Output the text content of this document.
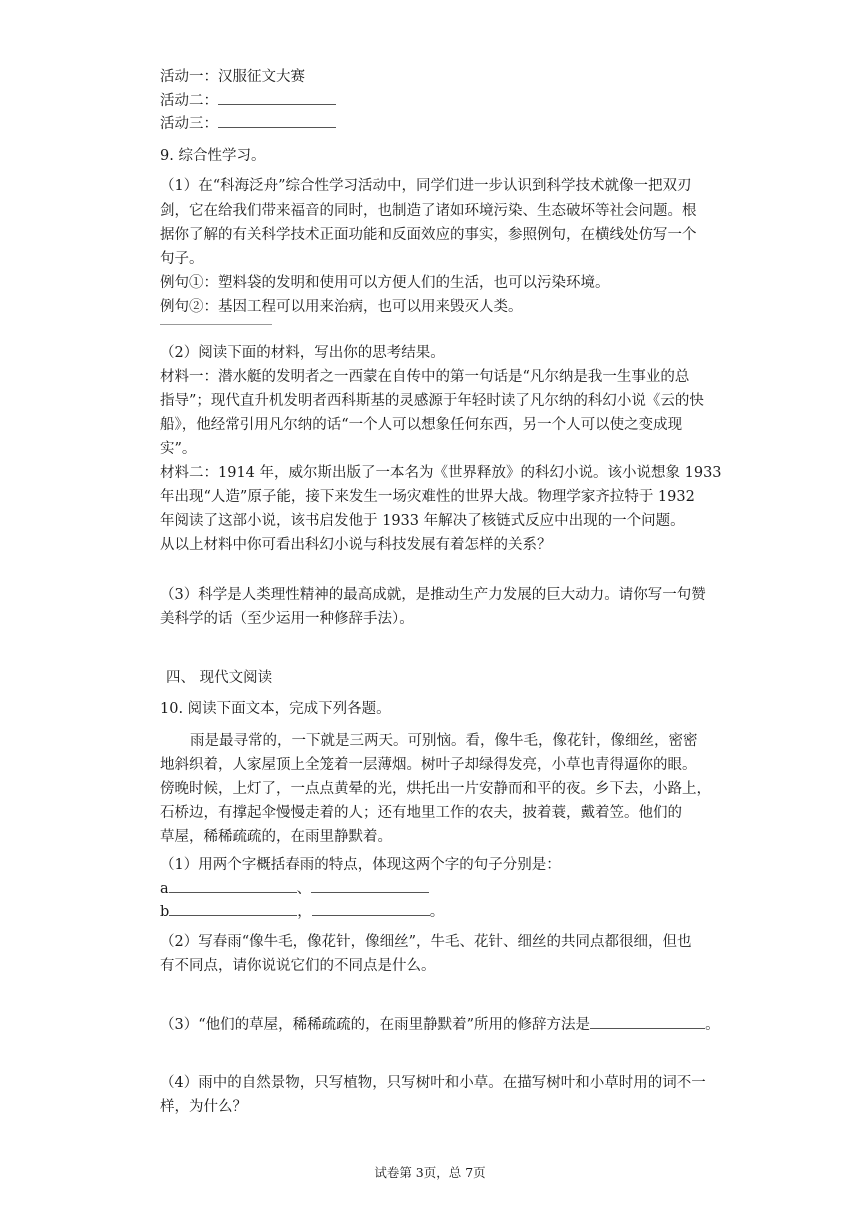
活动一：汉服征文大赛
活动二：
活动三：
9. 综合性学习。
（1）在“科海泛舟”综合性学习活动中，同学们进一步认识到科学技术就像一把双刃
剑，它在给我们带来福音的同时，也制造了诸如环境污染、生态破坏等社会问题。根
据你了解的有关科学技术正面功能和反面效应的事实，参照例句，在横线处仿写一个
句子。
例句①：塑料袋的发明和使用可以方便人们的生活，也可以污染环境。
例句②：基因工程可以用来治病，也可以用来毁灭人类。
（2）阅读下面的材料，写出你的思考结果。
材料一：潜水艇的发明者之一西蒙在自传中的第一句话是“凡尔纳是我一生事业的总
指导”；现代直升机发明者西科斯基的灵感源于年轻时读了凡尔纳的科幻小说《云的快
船》，他经常引用凡尔纳的话“一个人可以想象任何东西，另一个人可以使之变成现
实”。
材料二：1914 年，威尔斯出版了一本名为《世界释放》的科幻小说。该小说想象 1933
年出现“人造”原子能，接下来发生一场灾难性的世界大战。物理学家齐拉特于 1932
年阅读了这部小说，该书启发他于 1933 年解决了核链式反应中出现的一个问题。
从以上材料中你可看出科幻小说与科技发展有着怎样的关系？
（3）科学是人类理性精神的最高成就，是推动生产力发展的巨大动力。请你写一句赞
美科学的话（至少运用一种修辞手法）。
四、 现代文阅读
10. 阅读下面文本，完成下列各题。
雨是最寻常的，一下就是三两天。可别恼。看，像牛毛，像花针，像细丝，密密
地斜织着，人家屋顶上全笼着一层薄烟。树叶子却绿得发亮，小草也青得逼你的眼。
傍晚时候，上灯了，一点点黄晕的光，烘托出一片安静而和平的夜。乡下去，小路上，
石桥边，有撑起伞慢慢走着的人；还有地里工作的农夫，披着蓑，戴着笠。他们的
草屋，稀稀疏疏的，在雨里静默着。
（1）用两个字概括春雨的特点，体现这两个字的句子分别是：
a	、
b	，	。
（2）写春雨“像牛毛，像花针，像细丝”，牛毛、花针、细丝的共同点都很细，但也
有不同点，请你说说它们的不同点是什么。
（3）“他们的草屋，稀稀疏疏的，在雨里静默着”所用的修辞方法是	。
（4）雨中的自然景物，只写植物，只写树叶和小草。在描写树叶和小草时用的词不一
样，为什么？
试卷第 3页，总 7页
